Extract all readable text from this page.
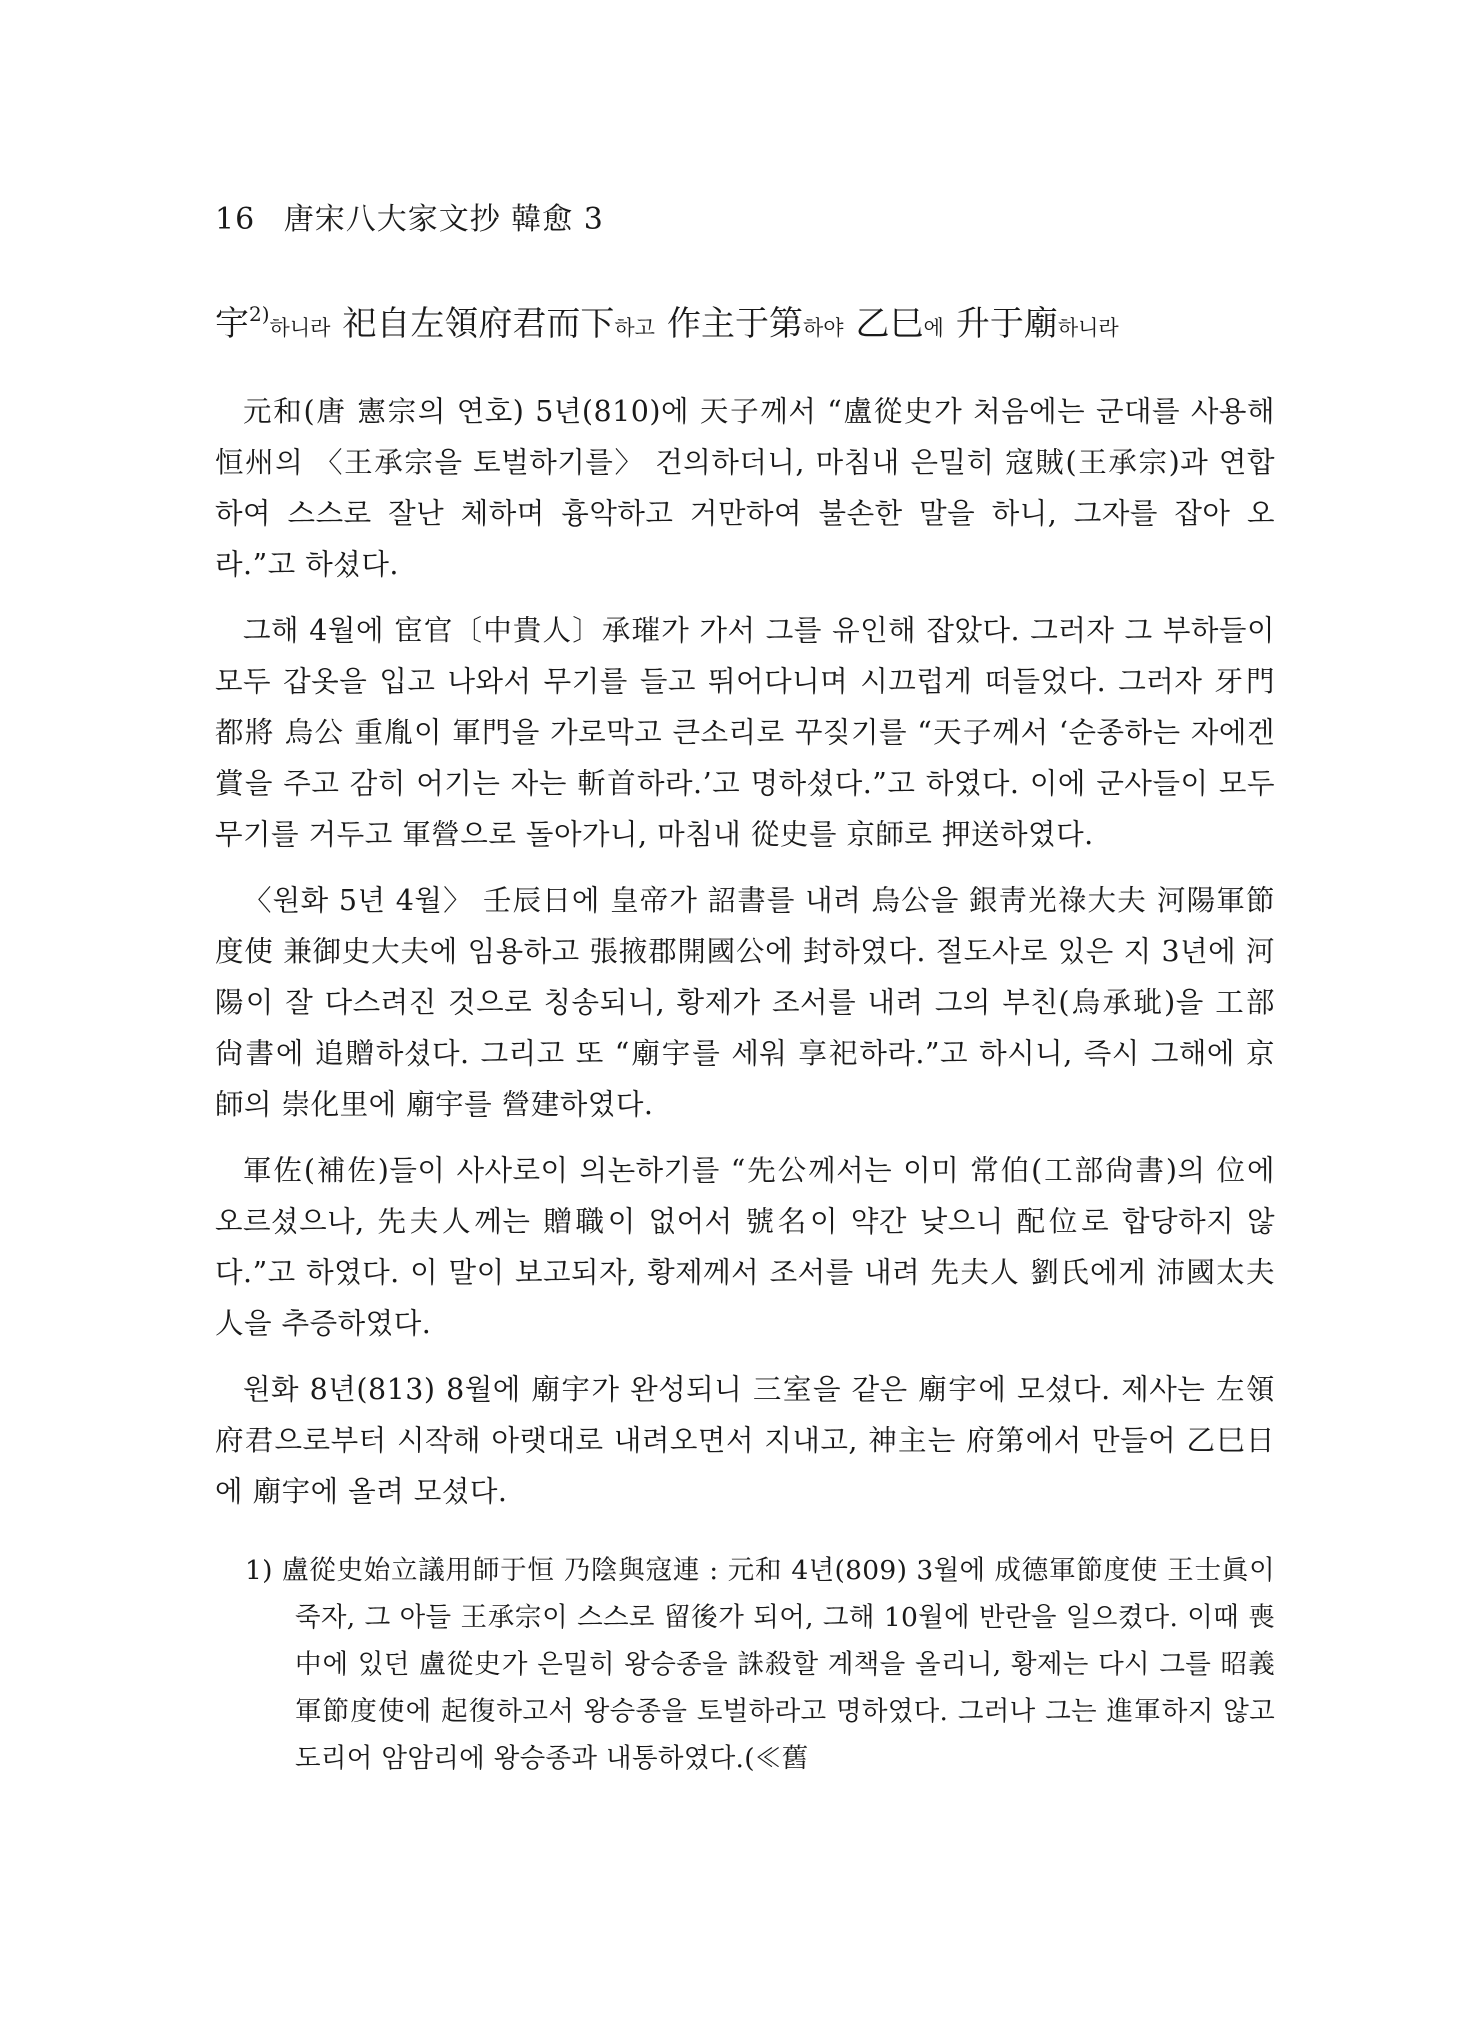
16 唐宋八大家文抄 韓愈 3
宇$^{2)}$하니라 祀自左領府君而下하고 作主于第하야 乙巳에 升于廟하니라

元和(唐 憲宗의 연호) 5년(810)에 天子께서 “盧從史가 처음에는 군대를 사용해 恒州의 〈王承宗을 토벌하기를〉 건의하더니, 마침내 은밀히 寇賊(王承宗)과 연합하여 스스로 잘난 체하며 흉악하고 거만하여 불손한 말을 하니, 그자를 잡아 오라.”고 하셨다.

그해 4월에 宦官〔中貴人〕承璀가 가서 그를 유인해 잡았다. 그러자 그 부하들이 모두 갑옷을 입고 나와서 무기를 들고 뛰어다니며 시끄럽게 떠들었다. 그러자 牙門都將 烏公 重胤이 軍門을 가로막고 큰소리로 꾸짖기를 “天子께서 ‘순종하는 자에겐 賞을 주고 감히 어기는 자는 斬首하라.’고 명하셨다.”고 하였다. 이에 군사들이 모두 무기를 거두고 軍營으로 돌아가니, 마침내 從史를 京師로 押送하였다.

〈원화 5년 4월〉 壬辰日에 皇帝가 詔書를 내려 烏公을 銀靑光祿大夫 河陽軍節度使 兼御史大夫에 임용하고 張掖郡開國公에 封하였다. 절도사로 있은 지 3년에 河陽이 잘 다스려진 것으로 칭송되니, 황제가 조서를 내려 그의 부친(烏承玼)을 工部尙書에 追贈하셨다. 그리고 또 “廟宇를 세워 享祀하라.”고 하시니, 즉시 그해에 京師의 崇化里에 廟宇를 營建하였다.

軍佐(補佐)들이 사사로이 의논하기를 “先公께서는 이미 常伯(工部尙書)의 位에 오르셨으나, 先夫人께는 贈職이 없어서 號名이 약간 낮으니 配位로 합당하지 않다.”고 하였다. 이 말이 보고되자, 황제께서 조서를 내려 先夫人 劉氏에게 沛國太夫人을 추증하였다.

원화 8년(813) 8월에 廟宇가 완성되니 三室을 같은 廟宇에 모셨다. 제사는 左領府君으로부터 시작해 아랫대로 내려오면서 지내고, 神主는 府第에서 만들어 乙巳日에 廟宇에 올려 모셨다.

1) 盧從史始立議用師于恒 乃陰與寇連 : 元和 4년(809) 3월에 成德軍節度使 王士眞이 죽자, 그 아들 王承宗이 스스로 留後가 되어, 그해 10월에 반란을 일으켰다. 이때 喪中에 있던 盧從史가 은밀히 왕승종을 誅殺할 계책을 올리니, 황제는 다시 그를 昭義軍節度使에 起復하고서 왕승종을 토벌하라고 명하였다. 그러나 그는 進軍하지 않고 도리어 암암리에 왕승종과 내통하였다.(≪舊
